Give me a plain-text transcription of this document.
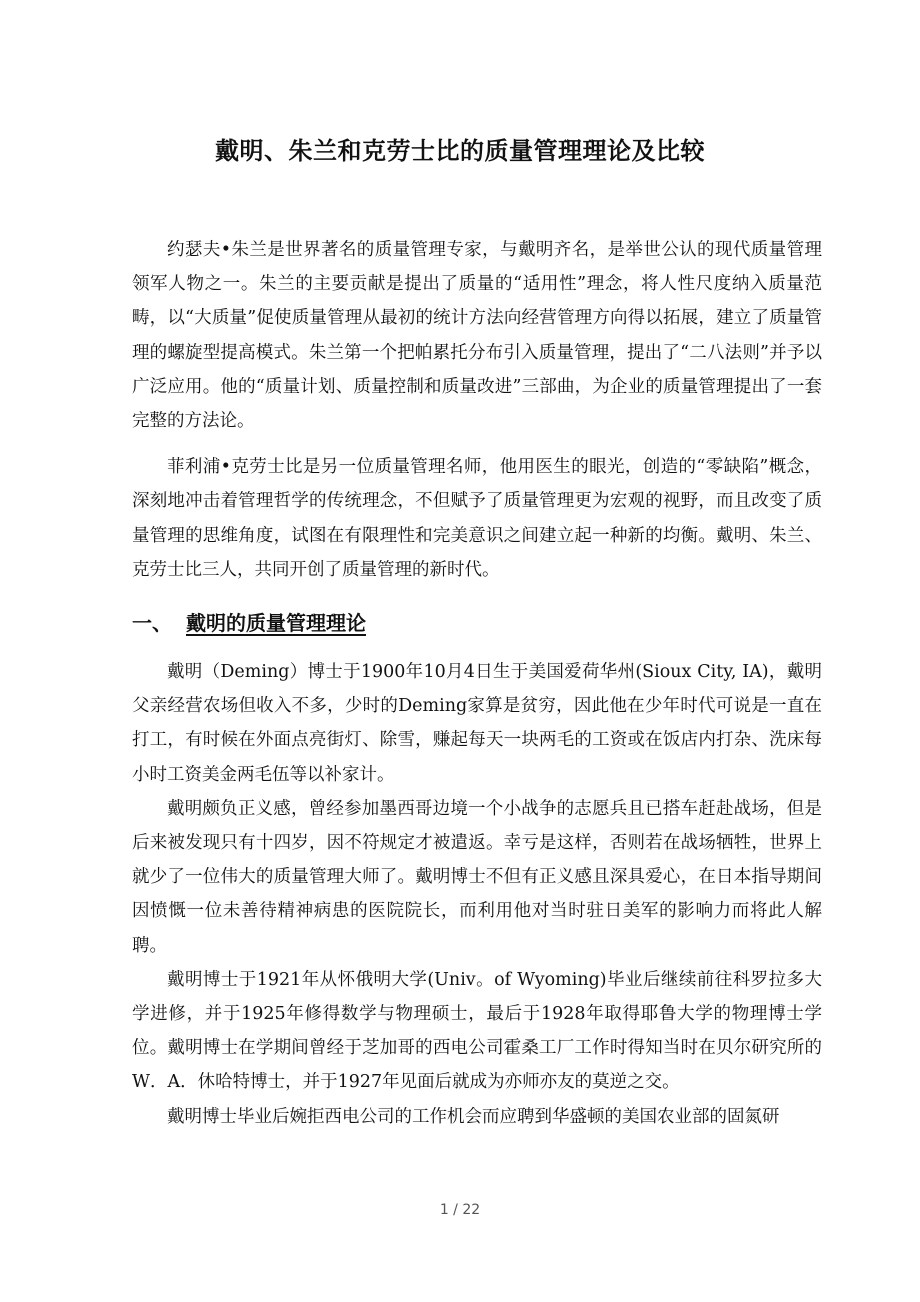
戴明、朱兰和克劳士比的质量管理理论及比较

约瑟夫•朱兰是世界著名的质量管理专家，与戴明齐名，是举世公认的现代质量管理领军人物之一。朱兰的主要贡献是提出了质量的“适用性”理念，将人性尺度纳入质量范畴，以“大质量”促使质量管理从最初的统计方法向经营管理方向得以拓展，建立了质量管理的螺旋型提高模式。朱兰第一个把帕累托分布引入质量管理，提出了“二八法则”并予以广泛应用。他的“质量计划、质量控制和质量改进”三部曲，为企业的质量管理提出了一套完整的方法论。

菲利浦•克劳士比是另一位质量管理名师，他用医生的眼光，创造的“零缺陷”概念，深刻地冲击着管理哲学的传统理念，不但赋予了质量管理更为宏观的视野，而且改变了质量管理的思维角度，试图在有限理性和完美意识之间建立起一种新的均衡。戴明、朱兰、克劳士比三人，共同开创了质量管理的新时代。

一、 戴明的质量管理理论

戴明（Deming）博士于1900年10月4日生于美国爱荷华州(Sioux City, IA)，戴明父亲经营农场但收入不多，少时的Deming家算是贫穷，因此他在少年时代可说是一直在打工，有时候在外面点亮街灯、除雪，赚起每天一块两毛的工资或在饭店内打杂、洗床每小时工资美金两毛伍等以补家计。

戴明颇负正义感，曾经参加墨西哥边境一个小战争的志愿兵且已搭车赶赴战场，但是后来被发现只有十四岁，因不符规定才被遣返。幸亏是这样，否则若在战场牺牲，世界上就少了一位伟大的质量管理大师了。戴明博士不但有正义感且深具爱心，在日本指导期间因愤慨一位未善待精神病患的医院院长，而利用他对当时驻日美军的影响力而将此人解聘。

戴明博士于1921年从怀俄明大学(Univ。of Wyoming)毕业后继续前往科罗拉多大学进修，并于1925年修得数学与物理硕士，最后于1928年取得耶鲁大学的物理博士学位。戴明博士在学期间曾经于芝加哥的西电公司霍桑工厂工作时得知当时在贝尔研究所的W．A．休哈特博士，并于1927年见面后就成为亦师亦友的莫逆之交。

戴明博士毕业后婉拒西电公司的工作机会而应聘到华盛顿的美国农业部的固氮研

1 / 22
